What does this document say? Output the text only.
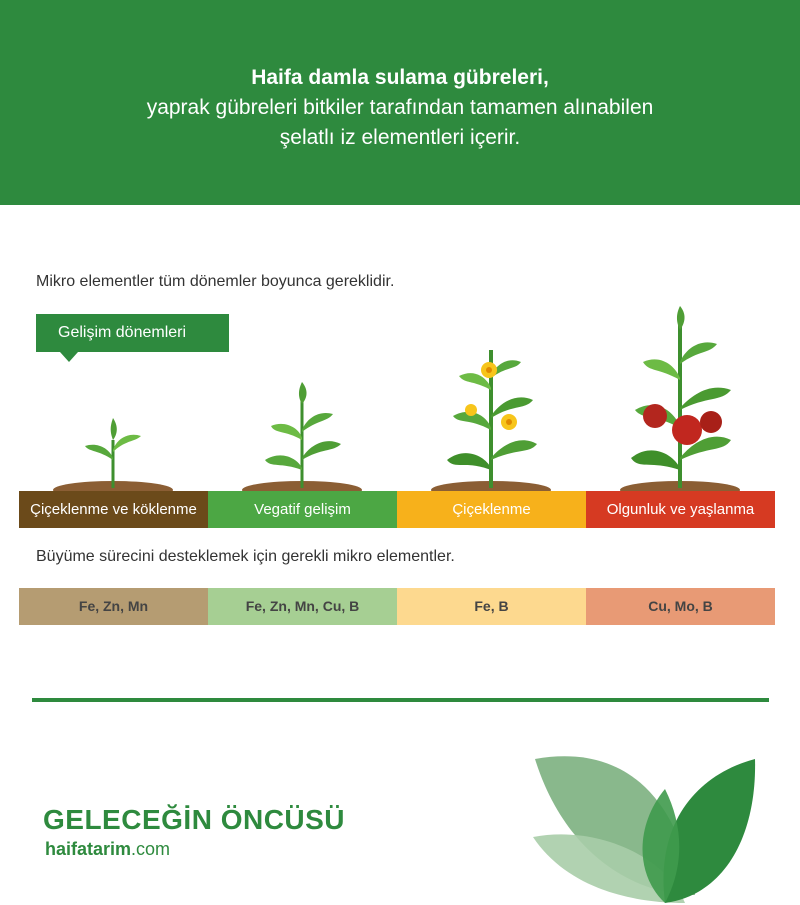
Haifa damla sulama gübreleri,
yaprak gübreleri bitkiler tarafından tamamen alınabilen
şelatlı iz elementleri içerir.
Mikro elementler tüm dönemler boyunca gereklidir.
Gelişim dönemleri
Çiçeklenme ve köklenme	Vegatif gelişim	Çiçeklenme	Olgunluk ve yaşlanma
Büyüme sürecini desteklemek için gerekli mikro elementler.
Fe, Zn, Mn	Fe, Zn, Mn, Cu, B	Fe, B	Cu, Mo, B
GELECEĞİN ÖNCÜSÜ
haifatarim.com
